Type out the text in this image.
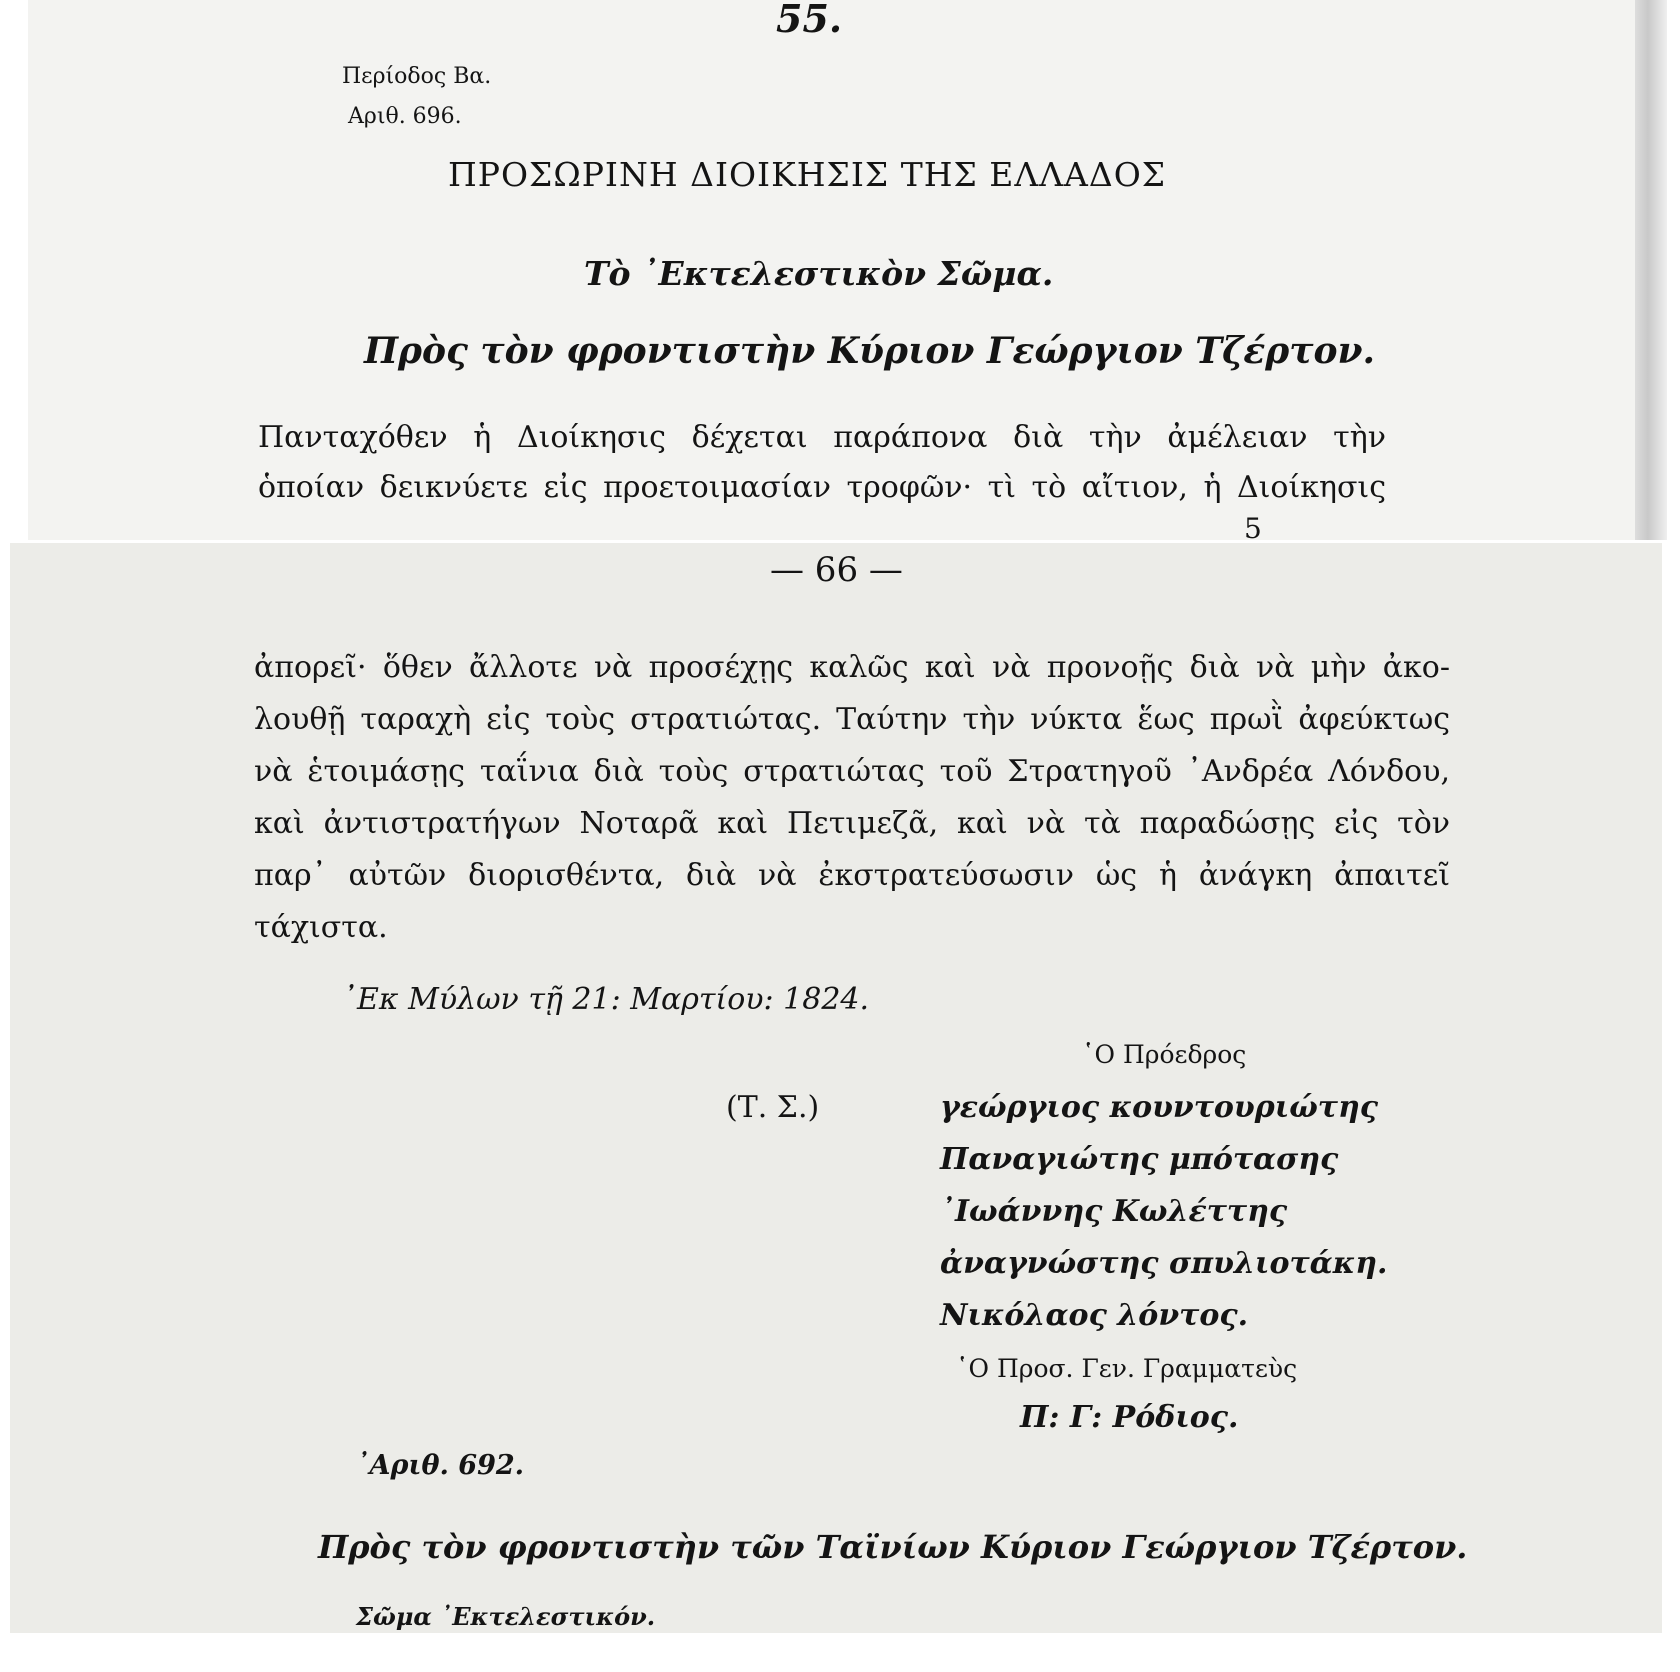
55.
Περίοδος Βα.
Αριθ. 696.
ΠΡΟΣΩΡΙΝΗ ΔΙΟΙΚΗΣΙΣ ΤΗΣ ΕΛΛΑΔΟΣ
Τὸ ᾿Εκτελεστικὸν Σῶμα.
Πρὸς τὸν φροντιστὴν Κύριον Γεώργιον Τζέρτον.
Πανταχόθεν ἡ Διοίκησις δέχεται παράπονα διὰ τὴν ἀμέλειαν τὴν
ὁποίαν δεικνύετε εἰς προετοιμασίαν τροφῶν· τὶ τὸ αἴτιον, ἡ Διοίκησις
5
— 66 —
ἀπορεῖ· ὅθεν ἄλλοτε νὰ προσέχῃς καλῶς καὶ νὰ προνοῇς διὰ νὰ μὴν ἀκο-
λουθῇ ταραχὴ εἰς τοὺς στρατιώτας. Ταύτην τὴν νύκτα ἕως πρωῒ ἀφεύκτως
νὰ ἑτοιμάσῃς ταΐνια διὰ τοὺς στρατιώτας τοῦ Στρατηγοῦ ᾿Ανδρέα Λόνδου,
καὶ ἀντιστρατήγων Νοταρᾶ καὶ Πετιμεζᾶ, καὶ νὰ τὰ παραδώσῃς εἰς τὸν
παρ᾿ αὐτῶν διορισθέντα, διὰ νὰ ἐκστρατεύσωσιν ὡς ἡ ἀνάγκη ἀπαιτεῖ
τάχιστα.
᾿Εκ Μύλων τῇ 21: Μαρτίου: 1824.
῾Ο Πρόεδρος
(Τ. Σ.)	γεώργιος κουντουριώτης
Παναγιώτης μπότασης
᾿Ιωάννης Κωλέττης
ἀναγνώστης σπυλιοτάκη.
Νικόλαος λόντος.
῾Ο Προσ. Γεν. Γραμματεὺς
Π: Γ: Ρόδιος.
᾿Αριθ. 692.
Πρὸς τὸν φροντιστὴν τῶν Ταϊνίων Κύριον Γεώργιον Τζέρτον.
Σῶμα ᾿Εκτελεστικόν.
